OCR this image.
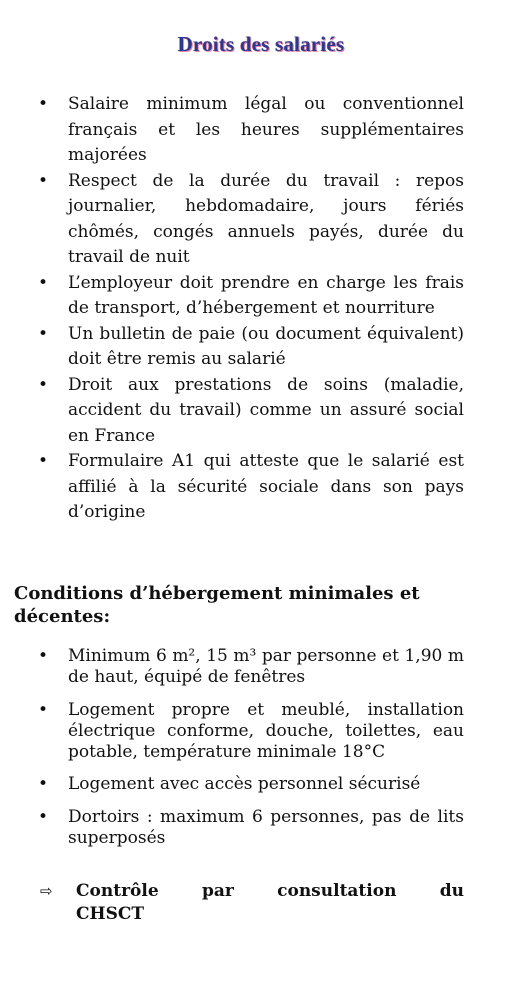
Droits des salariés
• Salaire minimum légal ou conventionnel français et les heures supplémentaires majorées
• Respect de la durée du travail : repos journalier, hebdomadaire, jours fériés chômés, congés annuels payés, durée du travail de nuit
• L’employeur doit prendre en charge les frais de transport, d’hébergement et nourriture
• Un bulletin de paie (ou document équivalent) doit être remis au salarié
• Droit aux prestations de soins (maladie, accident du travail) comme un assuré social en France
• Formulaire A1 qui atteste que le salarié est affilié à la sécurité sociale dans son pays d’origine
Conditions d’hébergement minimales et décentes:
• Minimum 6 m², 15 m³ par personne et 1,90 m de haut, équipé de fenêtres
• Logement propre et meublé, installation électrique conforme, douche, toilettes, eau potable, température minimale 18°C
• Logement avec accès personnel sécurisé
• Dortoirs : maximum 6 personnes, pas de lits superposés
⇨	Contrôle par consultation du
CHSCT
